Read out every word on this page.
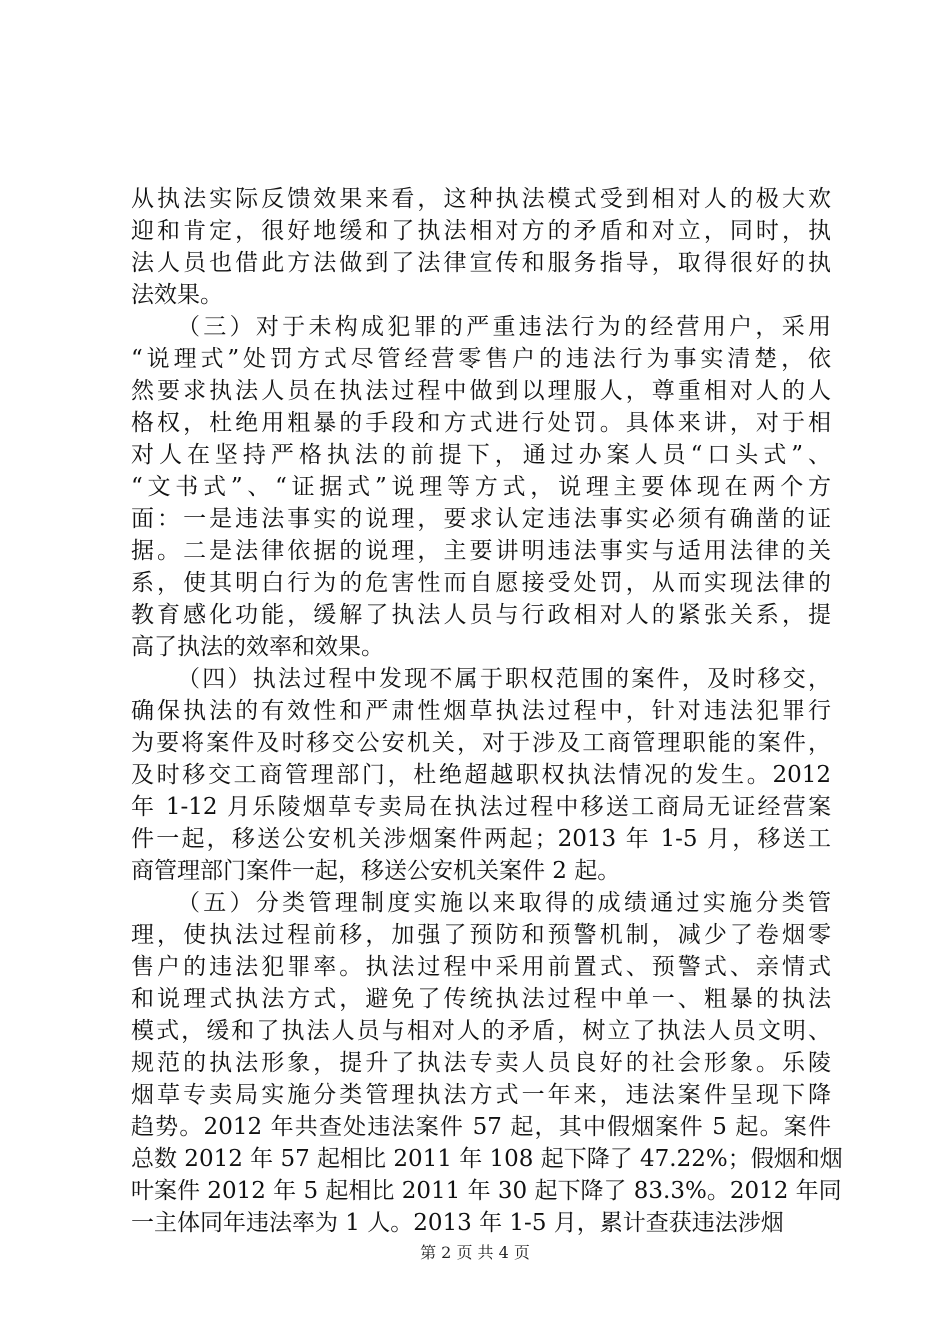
从执法实际反馈效果来看，这种执法模式受到相对人的极大欢
迎和肯定，很好地缓和了执法相对方的矛盾和对立，同时，执
法人员也借此方法做到了法律宣传和服务指导，取得很好的执
法效果。
（三）对于未构成犯罪的严重违法行为的经营用户，采用
“说理式”处罚方式尽管经营零售户的违法行为事实清楚，依
然要求执法人员在执法过程中做到以理服人，尊重相对人的人
格权，杜绝用粗暴的手段和方式进行处罚。具体来讲，对于相
对人在坚持严格执法的前提下，通过办案人员“口头式”、
“文书式”、“证据式”说理等方式，说理主要体现在两个方
面：一是违法事实的说理，要求认定违法事实必须有确凿的证
据。二是法律依据的说理，主要讲明违法事实与适用法律的关
系，使其明白行为的危害性而自愿接受处罚，从而实现法律的
教育感化功能，缓解了执法人员与行政相对人的紧张关系，提
高了执法的效率和效果。
（四）执法过程中发现不属于职权范围的案件，及时移交，
确保执法的有效性和严肃性烟草执法过程中，针对违法犯罪行
为要将案件及时移交公安机关，对于涉及工商管理职能的案件，
及时移交工商管理部门，杜绝超越职权执法情况的发生。2012
年 1-12 月乐陵烟草专卖局在执法过程中移送工商局无证经营案
件一起，移送公安机关涉烟案件两起；2013 年 1-5 月，移送工
商管理部门案件一起，移送公安机关案件 2 起。
（五）分类管理制度实施以来取得的成绩通过实施分类管
理，使执法过程前移，加强了预防和预警机制，减少了卷烟零
售户的违法犯罪率。执法过程中采用前置式、预警式、亲情式
和说理式执法方式，避免了传统执法过程中单一、粗暴的执法
模式，缓和了执法人员与相对人的矛盾，树立了执法人员文明、
规范的执法形象，提升了执法专卖人员良好的社会形象。乐陵
烟草专卖局实施分类管理执法方式一年来，违法案件呈现下降
趋势。2012 年共查处违法案件 57 起，其中假烟案件 5 起。案件
总数 2012 年 57 起相比 2011 年 108 起下降了 47.22%；假烟和烟
叶案件 2012 年 5 起相比 2011 年 30 起下降了 83.3%。2012 年同
一主体同年违法率为 1 人。2013 年 1-5 月，累计查获违法涉烟
第 2 页 共 4 页
